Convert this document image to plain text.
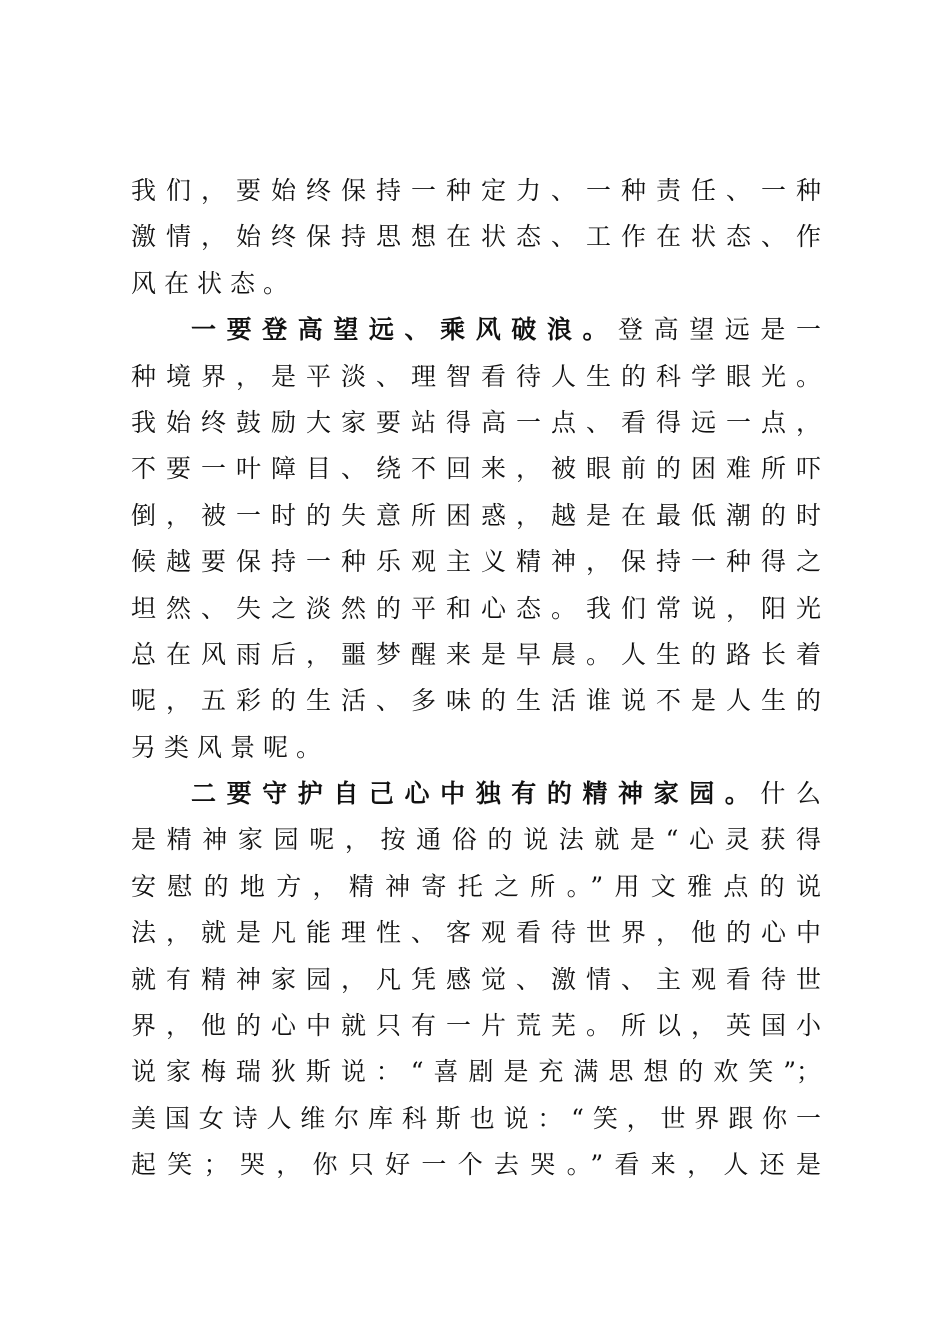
我们，要始终保持一种定力、一种责任、一种
激情，始终保持思想在状态、工作在状态、作
风在状态。
一要登高望远、乘风破浪。登高望远是一
种境界，是平淡、理智看待人生的科学眼光。
我始终鼓励大家要站得高一点、看得远一点，
不要一叶障目、绕不回来，被眼前的困难所吓
倒，被一时的失意所困惑，越是在最低潮的时
候越要保持一种乐观主义精神，保持一种得之
坦然、失之淡然的平和心态。我们常说，阳光
总在风雨后，噩梦醒来是早晨。人生的路长着
呢，五彩的生活、多味的生活谁说不是人生的
另类风景呢。
二要守护自己心中独有的精神家园。什么
是精神家园呢，按通俗的说法就是“心灵获得
安慰的地方，精神寄托之所。”用文雅点的说
法，就是凡能理性、客观看待世界，他的心中
就有精神家园，凡凭感觉、激情、主观看待世
界，他的心中就只有一片荒芜。所以，英国小
说家梅瑞狄斯说：“喜剧是充满思想的欢笑”；
美国女诗人维尔库科斯也说：“笑，世界跟你一
起笑；哭，你只好一个去哭。”看来，人还是
